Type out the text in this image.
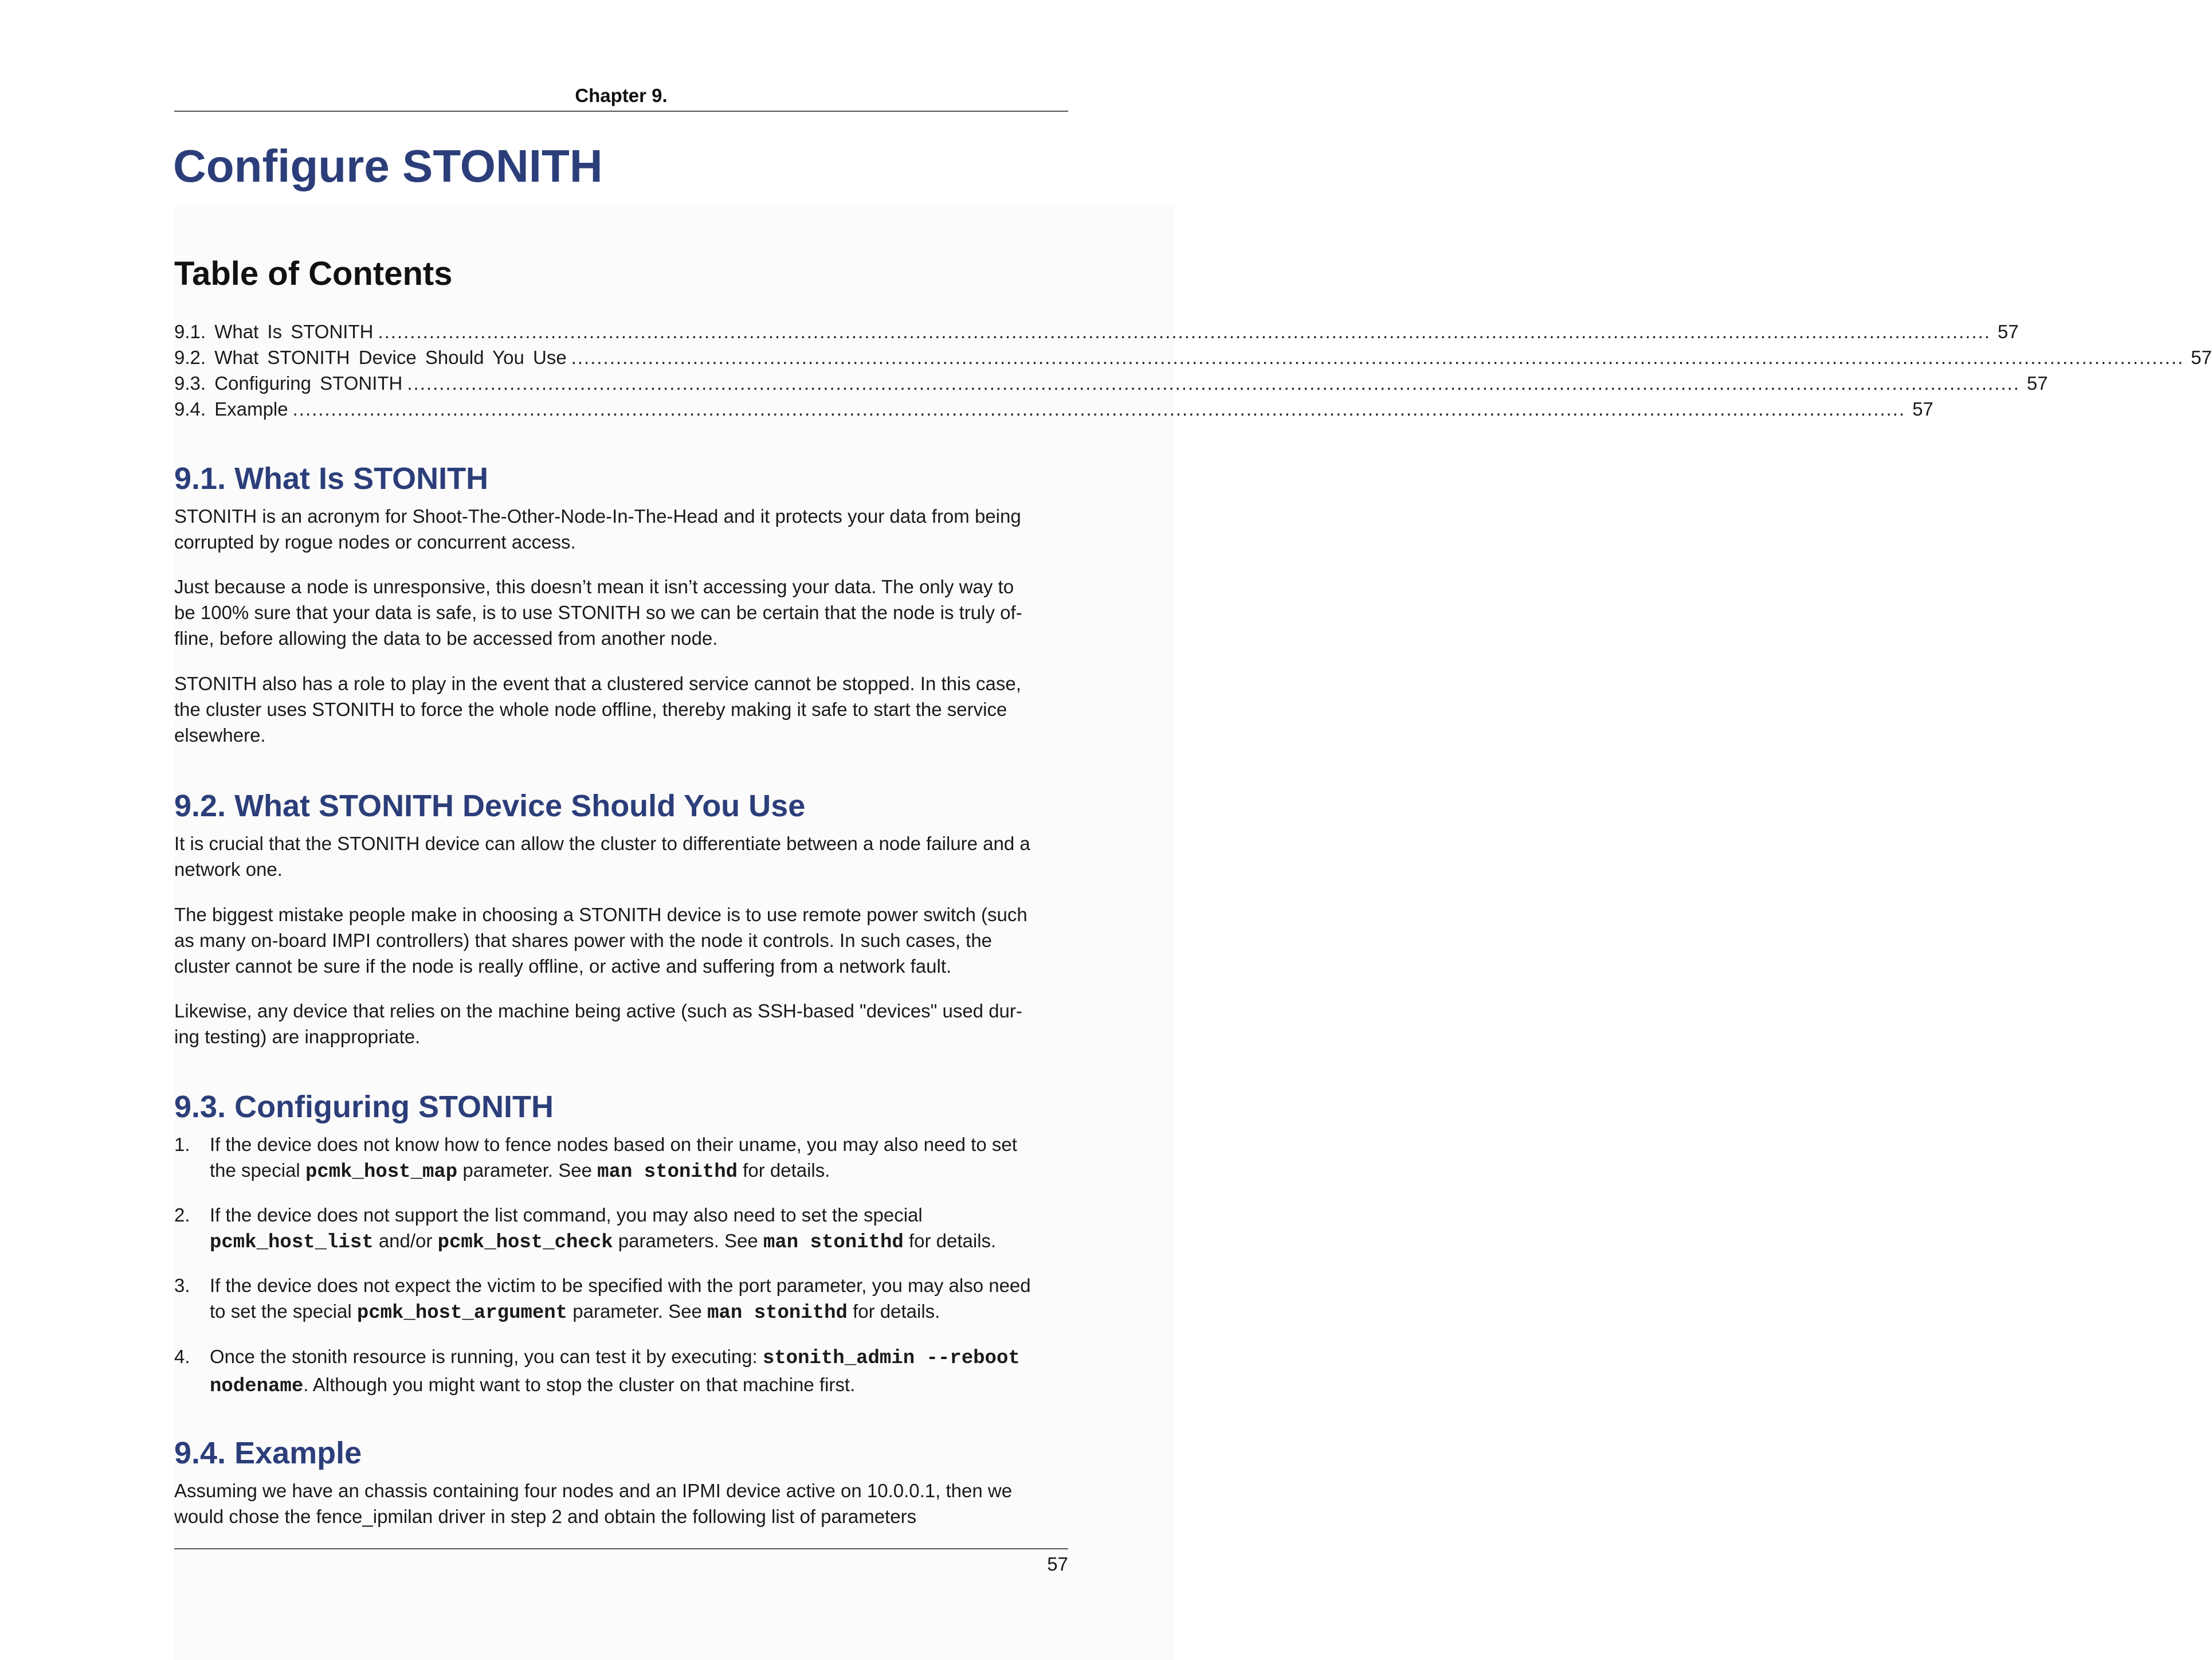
Chapter 9.
Configure STONITH
Table of Contents
9.1. What Is STONITH ............................................................................................................................................................................................................................................................ 57
9.2. What STONITH Device Should You Use ............................................................................................................................................................................................................................................................ 57
9.3. Configuring STONITH ............................................................................................................................................................................................................................................................ 57
9.4. Example ............................................................................................................................................................................................................................................................ 57
9.1. What Is STONITH

STONITH is an acronym for Shoot-The-Other-Node-In-The-Head and it protects your data from being
corrupted by rogue nodes or concurrent access.

Just because a node is unresponsive, this doesn’t mean it isn’t accessing your data. The only way to
be 100% sure that your data is safe, is to use STONITH so we can be certain that the node is truly of-
fline, before allowing the data to be accessed from another node.

STONITH also has a role to play in the event that a clustered service cannot be stopped. In this case,
the cluster uses STONITH to force the whole node offline, thereby making it safe to start the service
elsewhere.

9.2. What STONITH Device Should You Use

It is crucial that the STONITH device can allow the cluster to differentiate between a node failure and a
network one.

The biggest mistake people make in choosing a STONITH device is to use remote power switch (such
as many on-board IMPI controllers) that shares power with the node it controls. In such cases, the
cluster cannot be sure if the node is really offline, or active and suffering from a network fault.

Likewise, any device that relies on the machine being active (such as SSH-based "devices" used dur-
ing testing) are inappropriate.

9.3. Configuring STONITH
1. If the device does not know how to fence nodes based on their uname, you may also need to set
the special pcmk_host_map parameter. See man stonithd for details.
2. If the device does not support the list command, you may also need to set the special
pcmk_host_list and/or pcmk_host_check parameters. See man stonithd for details.
3. If the device does not expect the victim to be specified with the port parameter, you may also need
to set the special pcmk_host_argument parameter. See man stonithd for details.
4. Once the stonith resource is running, you can test it by executing: stonith_admin --reboot
nodename. Although you might want to stop the cluster on that machine first.
9.4. Example

Assuming we have an chassis containing four nodes and an IPMI device active on 10.0.0.1, then we
would chose the fence_ipmilan driver in step 2 and obtain the following list of parameters

57
